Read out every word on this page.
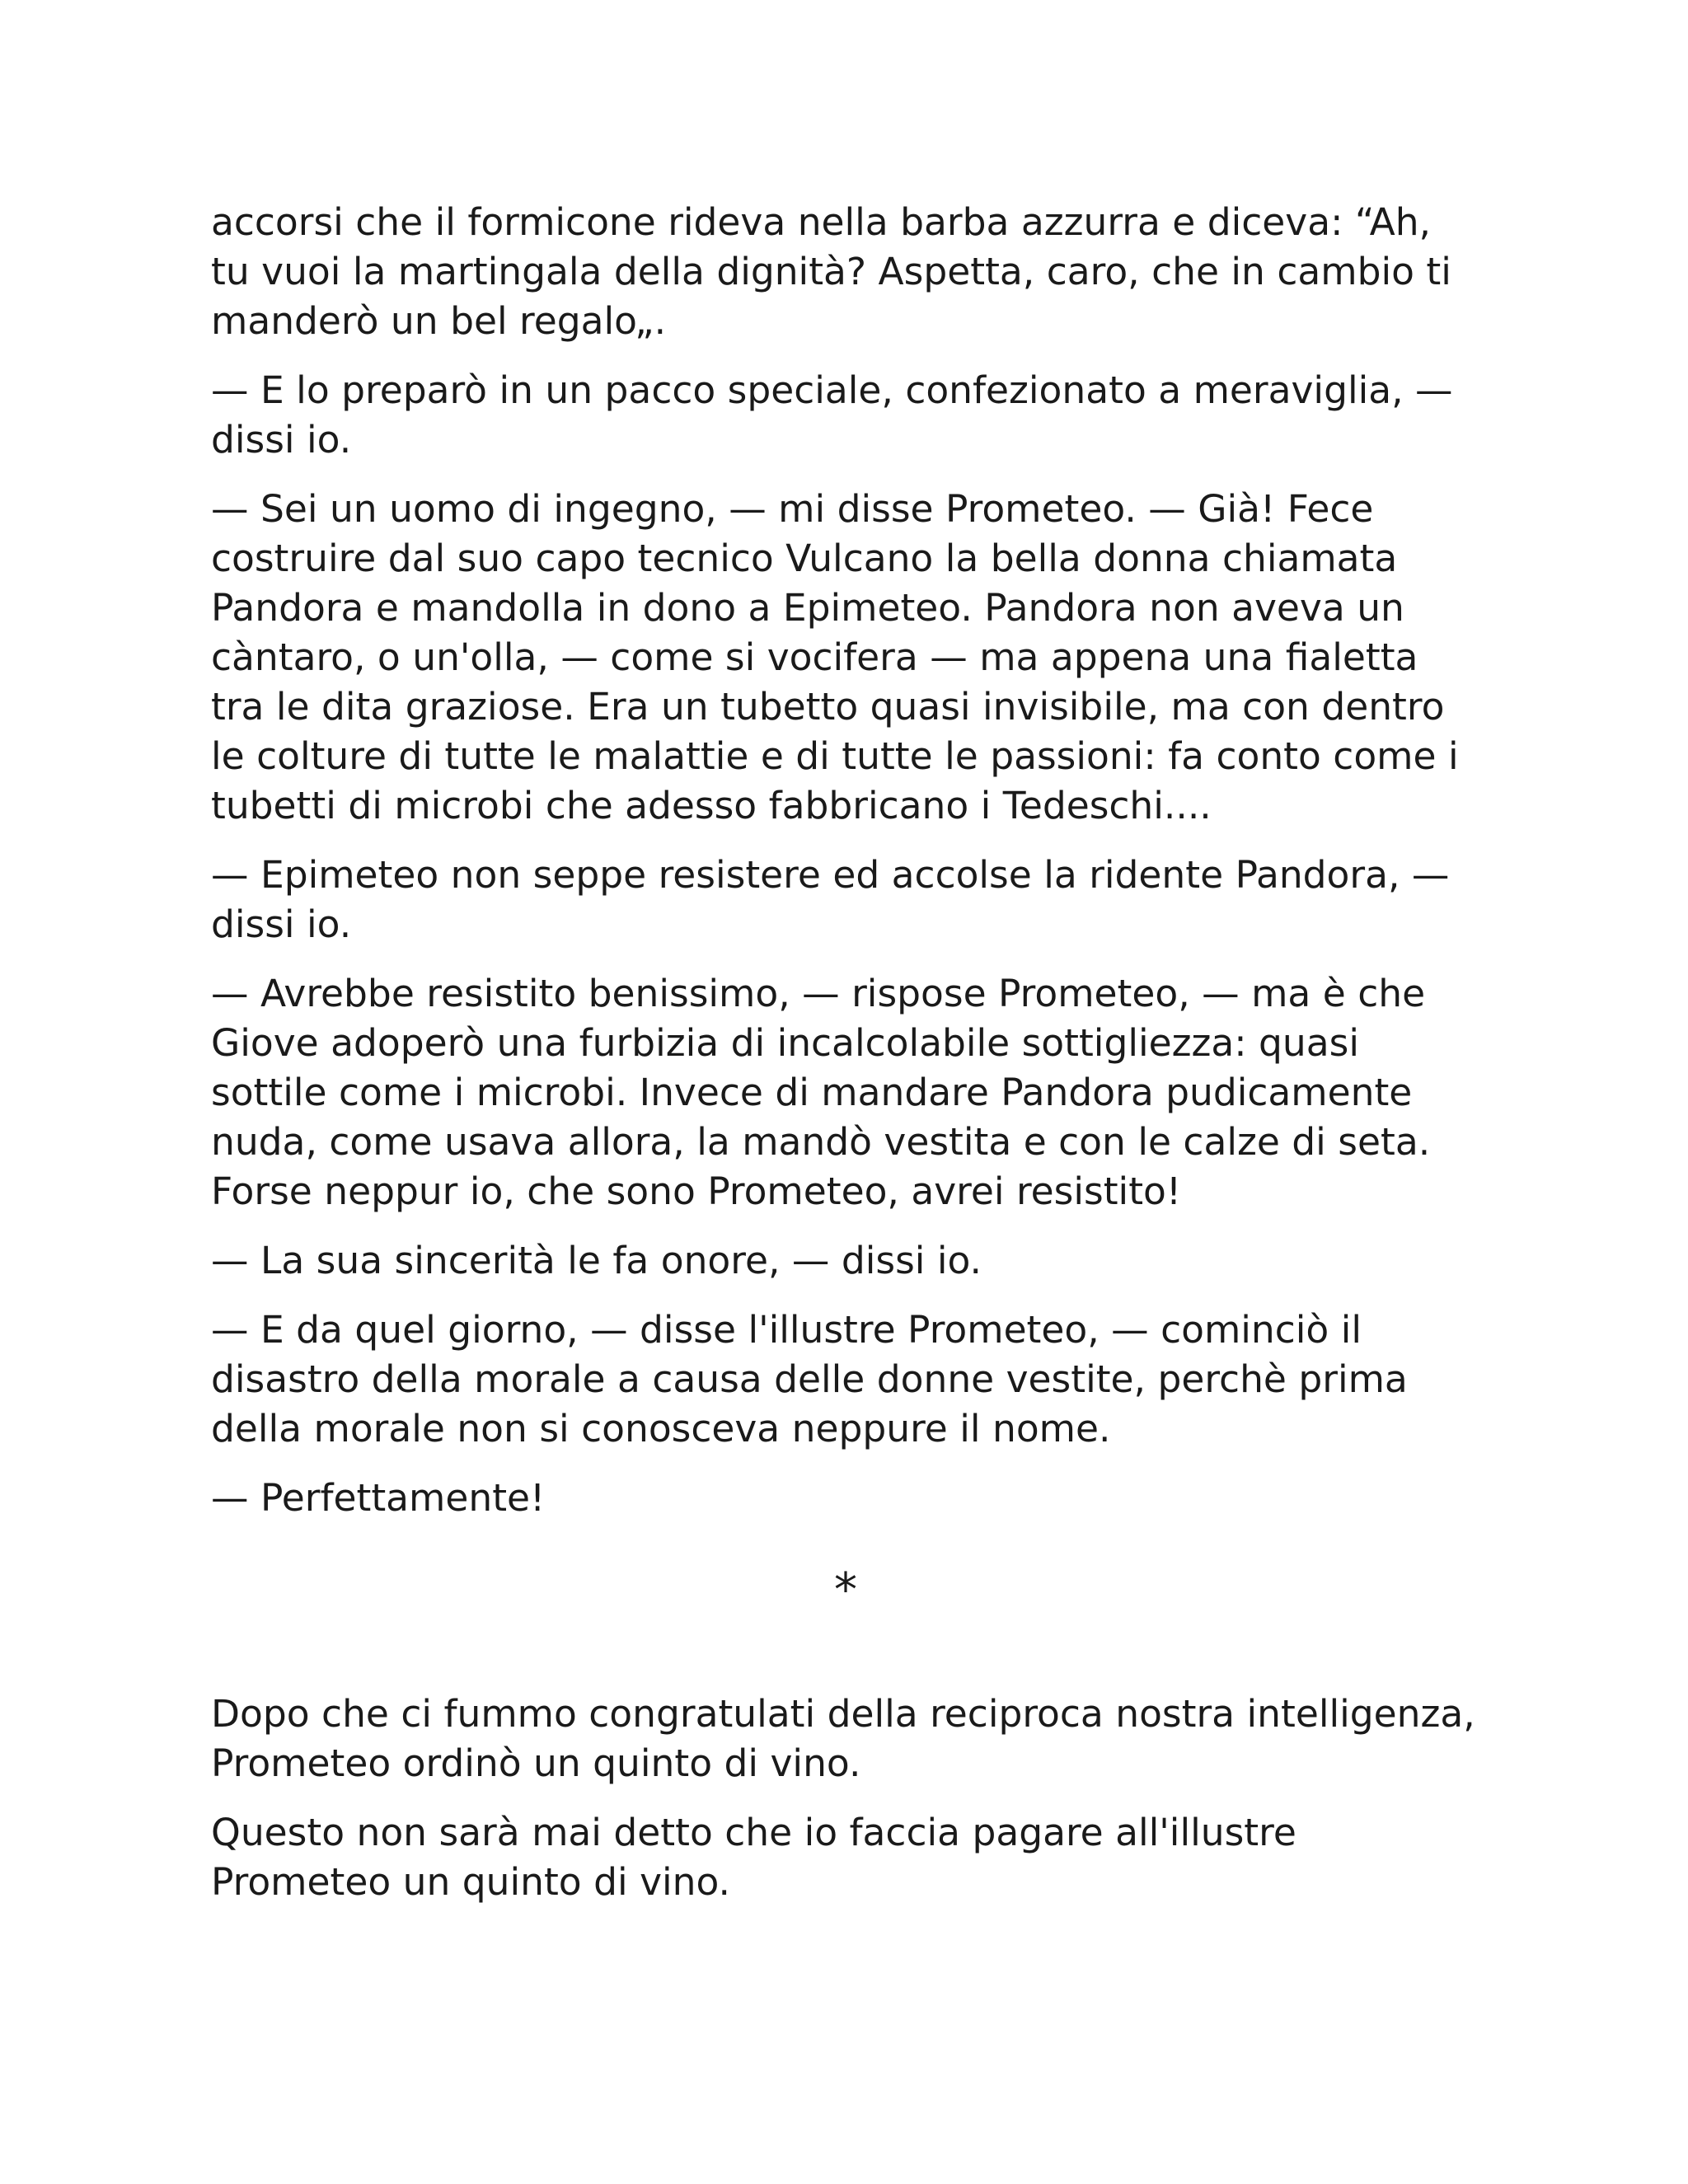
accorsi che il formicone rideva nella barba azzurra e diceva: “Ah, tu vuoi la martingala della dignità? Aspetta, caro, che in cambio ti manderò un bel regalo„.

— E lo preparò in un pacco speciale, confezionato a meraviglia, — dissi io.

— Sei un uomo di ingegno, — mi disse Prometeo. — Già! Fece costruire dal suo capo tecnico Vulcano la bella donna chiamata Pandora e mandolla in dono a Epimeteo. Pandora non aveva un càntaro, o un'olla, — come si vocifera — ma appena una fialetta tra le dita graziose. Era un tubetto quasi invisibile, ma con dentro le colture di tutte le malattie e di tutte le passioni: fa conto come i tubetti di microbi che adesso fabbricano i Tedeschi....

— Epimeteo non seppe resistere ed accolse la ridente Pandora, — dissi io.

— Avrebbe resistito benissimo, — rispose Prometeo, — ma è che Giove adoperò una furbizia di incalcolabile sottigliezza: quasi sottile come i microbi. Invece di mandare Pandora pudicamente nuda, come usava allora, la mandò vestita e con le calze di seta. Forse neppur io, che sono Prometeo, avrei resistito!

— La sua sincerità le fa onore, — dissi io.

— E da quel giorno, — disse l'illustre Prometeo, — cominciò il disastro della morale a causa delle donne vestite, perchè prima della morale non si conosceva neppure il nome.

— Perfettamente!

*

Dopo che ci fummo congratulati della reciproca nostra intelligenza, Prometeo ordinò un quinto di vino.

Questo non sarà mai detto che io faccia pagare all'illustre Prometeo un quinto di vino.
